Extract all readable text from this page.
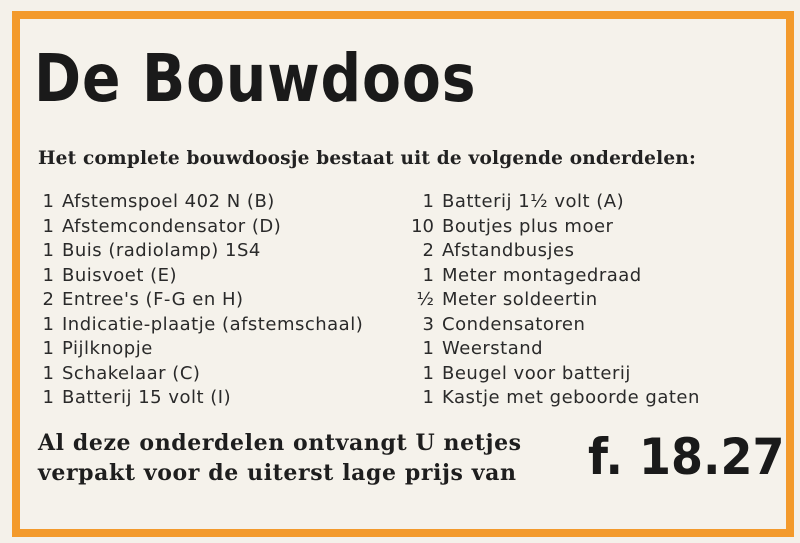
De Bouwdoos
Het complete bouwdoosje bestaat uit de volgende onderdelen:
1 Afstemspoel 402 N (B)
1 Afstemcondensator (D)
1 Buis (radiolamp) 1S4
1 Buisvoet (E)
2 Entree's (F-G en H)
1 Indicatie-plaatje (afstemschaal)
1 Pijlknopje
1 Schakelaar (C)
1 Batterij 15 volt (I)
1 Batterij 1½ volt (A)
10 Boutjes plus moer
2 Afstandbusjes
1 Meter montagedraad
½ Meter soldeertin
3 Condensatoren
1 Weerstand
1 Beugel voor batterij
1 Kastje met geboorde gaten
Al deze onderdelen ontvangt U netjes
verpakt voor de uiterst lage prijs van f. 18.27
